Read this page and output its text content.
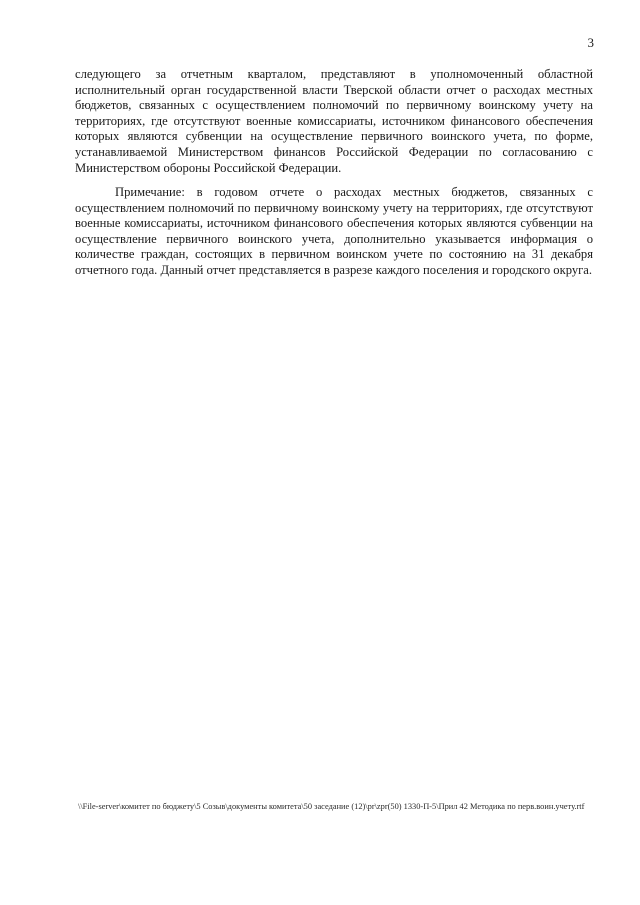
3

следующего за отчетным кварталом, представляют в уполномоченный областной исполнительный орган государственной власти Тверской области отчет о расходах местных бюджетов, связанных с осуществлением полномочий по первичному воинскому учету на территориях, где отсутствуют военные комиссариаты, источником финансового обеспечения которых являются субвенции на осуществление первичного воинского учета, по форме, устанавливаемой Министерством финансов Российской Федерации по согласованию с Министерством обороны Российской Федерации.

Примечание: в годовом отчете о расходах местных бюджетов, связанных с осуществлением полномочий по первичному воинскому учету на территориях, где отсутствуют военные комиссариаты, источником финансового обеспечения которых являются субвенции на осуществление первичного воинского учета, дополнительно указывается информация о количестве граждан, состоящих в первичном воинском учете по состоянию на 31 декабря отчетного года. Данный отчет представляется в разрезе каждого поселения и городского округа.

\\File-server\комитет по бюджету\5 Созыв\документы комитета\50 заседание (12)\pr\zpr(50) 1330-П-5\Прил 42 Методика по перв.воин.учету.rtf
